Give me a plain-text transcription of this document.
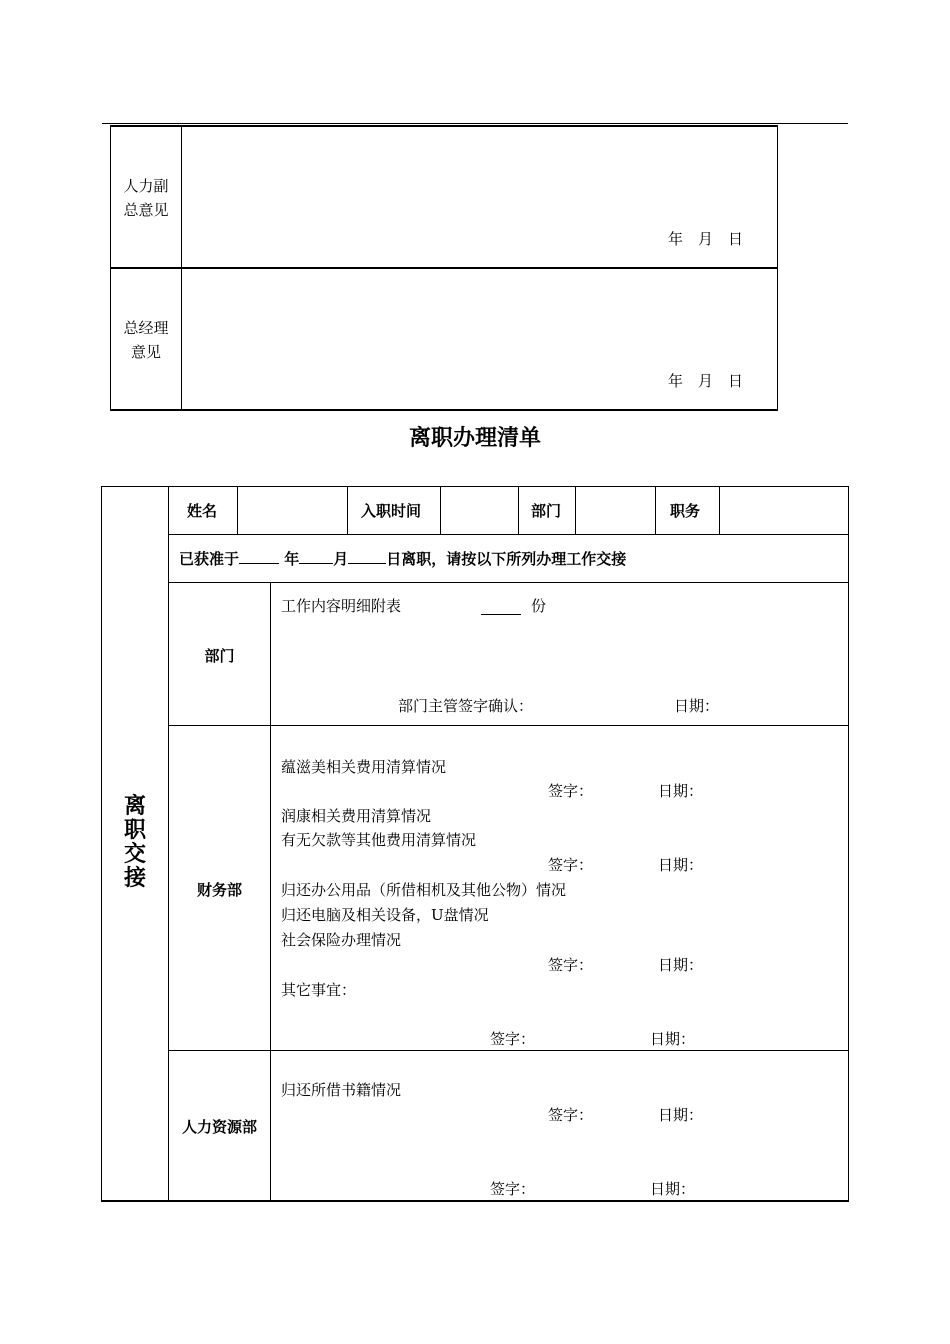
人力副
总意见
年　月　日
总经理
意见
年　月　日
离职办理清单
离
职
交
接
姓名	入职时间	部门	职务
已获准于	年 月	日离职，请按以下所列办理工作交接
部门
工作内容明细附表	份
部门主管签字确认：	日期：
财务部
蕴滋美相关费用清算情况
签字：	日期：
润康相关费用清算情况
有无欠款等其他费用清算情况
签字：	日期：
归还办公用品（所借相机及其他公物）情况
归还电脑及相关设备，U盘情况
社会保险办理情况
签字：	日期：
其它事宜：
签字：	日期：
人力资源部
归还所借书籍情况
签字：	日期：
签字：	日期：
